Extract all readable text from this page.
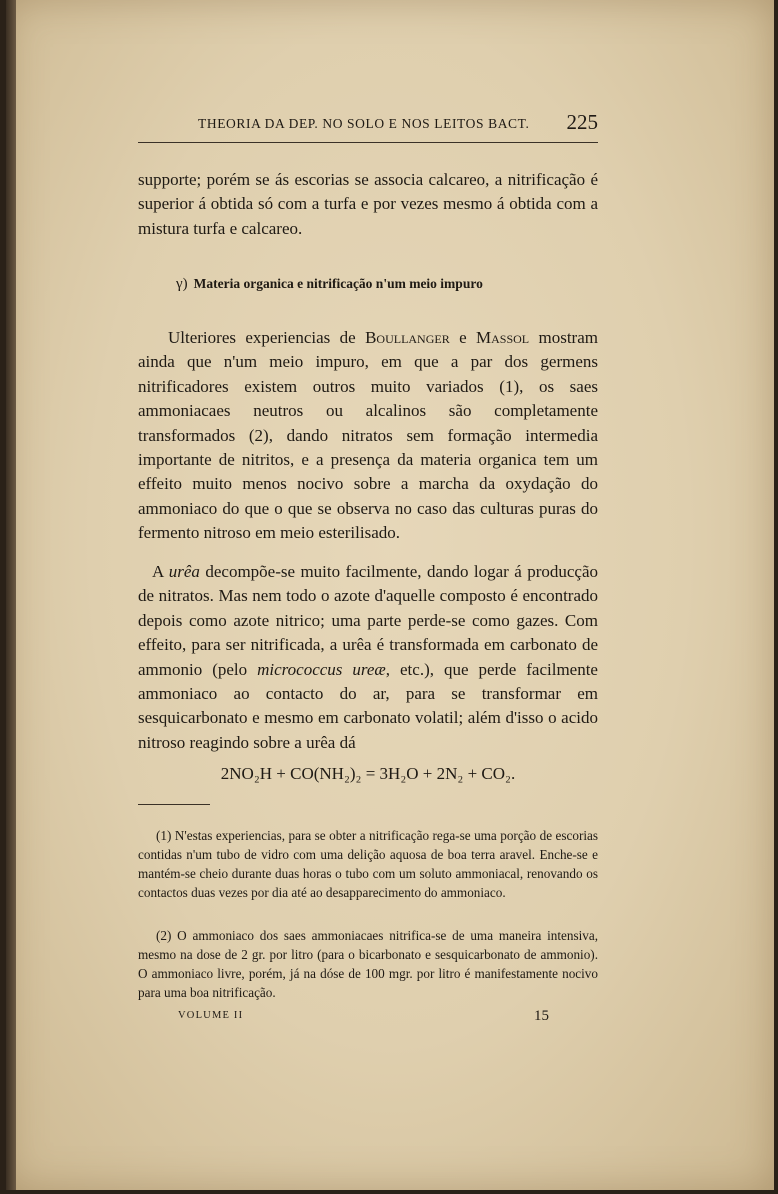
THEORIA DA DEP. NO SOLO E NOS LEITOS BACT. 225
supporte; porém se ás escorias se associa calcareo, a nitrificação é superior á obtida só com a turfa e por vezes mesmo á obtida com a mistura turfa e calcareo.
γ) Materia organica e nitrificação n'um meio impuro
Ulteriores experiencias de Boullanger e Massol mostram ainda que n'um meio impuro, em que a par dos germens nitrificadores existem outros muito variados (1), os saes ammoniacaes neutros ou alcalinos são completamente transformados (2), dando nitratos sem formação intermedia importante de nitritos, e a presença da materia organica tem um effeito muito menos nocivo sobre a marcha da oxydação do ammoniaco do que o que se observa no caso das culturas puras do fermento nitroso em meio esterilisado.
A urêa decompõe-se muito facilmente, dando logar á producção de nitratos. Mas nem todo o azote d'aquelle composto é encontrado depois como azote nitrico; uma parte perde-se como gazes. Com effeito, para ser nitrificada, a urêa é transformada em carbonato de ammonio (pelo micrococcus ureæ, etc.), que perde facilmente ammoniaco ao contacto do ar, para se transformar em sesquicarbonato e mesmo em carbonato volatil; além d'isso o acido nitroso reagindo sobre a urêa dá
2NO₂H + CO(NH₂)₂ = 3H₂O + 2N₂ + CO₂.
(1) N'estas experiencias, para se obter a nitrificação rega-se uma porção de escorias contidas n'um tubo de vidro com uma delição aquosa de boa terra aravel. Enche-se e mantém-se cheio durante duas horas o tubo com um soluto ammoniacal, renovando os contactos duas vezes por dia até ao desapparecimento do ammoniaco.
(2) O ammoniaco dos saes ammoniacaes nitrifica-se de uma maneira intensiva, mesmo na dose de 2 gr. por litro (para o bicarbonato e sesquicarbonato de ammonio). O ammoniaco livre, porém, já na dóse de 100 mgr. por litro é manifestamente nocivo para uma boa nitrificação.
VOLUME II	15
